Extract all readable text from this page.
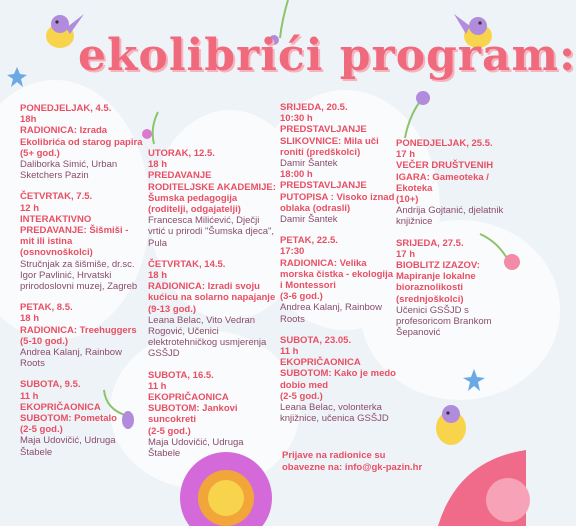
ekolibrići program:
PONEDJELJAK, 4.5.
18h
RADIONICA: Izrada Ekolibrića od starog papira
(5+ god.)
Daliborka Simić, Urban Sketchers Pazin
ČETVRTAK, 7.5.
12 h
INTERAKTIVNO PREDAVANJE: Šišmiši - mit ili istina (osnovnoškolci)
Stručnjak za šišmiše, dr.sc. Igor Pavlinić, Hrvatski prirodoslovni muzej, Zagreb
PETAK, 8.5.
18 h
RADIONICA: Treehuggers
(5-10 god.)
Andrea Kalanj, Rainbow Roots
SUBOTA, 9.5.
11 h
EKOPRIČAONICA SUBOTOM: Pometalo
(2-5 god.)
Maja Udovičić, Udruga Štabele
UTORAK, 12.5.
18 h
PREDAVANJE RODITELJSKE AKADEMIJE: Šumska pedagogija (roditelji, odgajatelji)
Francesca Milićević, Dječji vrtić u prirodi "Šumska djeca", Pula
ČETVRTAK, 14.5.
18 h
RADIONICA: Izradi svoju kućicu na solarno napajanje
(9-13 god.)
Leana Belac, Vito Vedran Rogović, Učenici elektrotehničkog usmjerenja GSŠJD
SUBOTA, 16.5.
11 h
EKOPRIČAONICA SUBOTOM: Jankovi suncokreti
(2-5 god.)
Maja Udovičić, Udruga Štabele
SRIJEDA, 20.5.
10:30 h
PREDSTAVLJANJE SLIKOVNICE: Mila uči roniti (predškolci)
Damir Šantek
18:00 h
PREDSTAVLJANJE PUTOPISA : Visoko iznad oblaka (odrasli)
Damir Šantek
PETAK, 22.5.
17:30
RADIONICA: Velika morska čistka - ekologija i Montessori
(3-6 god.)
Andrea Kalanj, Rainbow Roots
SUBOTA, 23.05.
11 h
EKOPRIČAONICA SUBOTOM: Kako je medo dobio med
(2-5 god.)
Leana Belac, volonterka knjižnice, učenica GSŠJD
PONEDJELJAK, 25.5.
17 h
VEČER DRUŠTVENIH IGARA: Gameoteka / Ekoteka
(10+)
Andrija Gojtanić, djelatnik knjižnice
SRIJEDA, 27.5.
17 h
BIOBLITZ IZAZOV: Mapiranje lokalne bioraznolikosti (srednjoškolci)
Učenici GSŠJD s profesoricom Brankom Šepanović
Prijave na radionice su
obavezne na: info@gk-pazin.hr
